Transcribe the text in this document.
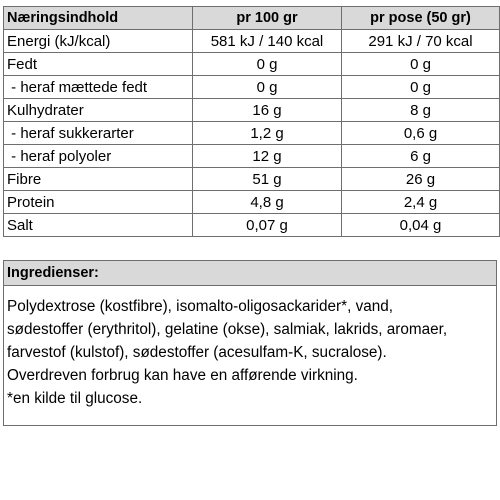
Næringsindhold	pr 100 gr	pr pose (50 gr)
Energi (kJ/kcal)	581 kJ / 140 kcal	291 kJ / 70 kcal
Fedt	0 g	0 g
- heraf mættede fedt	0 g	0 g
Kulhydrater	16 g	8 g
- heraf sukkerarter	1,2 g	0,6 g
- heraf polyoler	12 g	6 g
Fibre	51 g	26 g
Protein	4,8 g	2,4 g
Salt	0,07 g	0,04 g
Ingredienser:
Polydextrose (kostfibre), isomalto-oligosackarider*, vand,
sødestoffer (erythritol), gelatine (okse), salmiak, lakrids, aromaer,
farvestof (kulstof), sødestoffer (acesulfam-K, sucralose).
Overdreven forbrug kan have en afførende virkning.
*en kilde til glucose.
